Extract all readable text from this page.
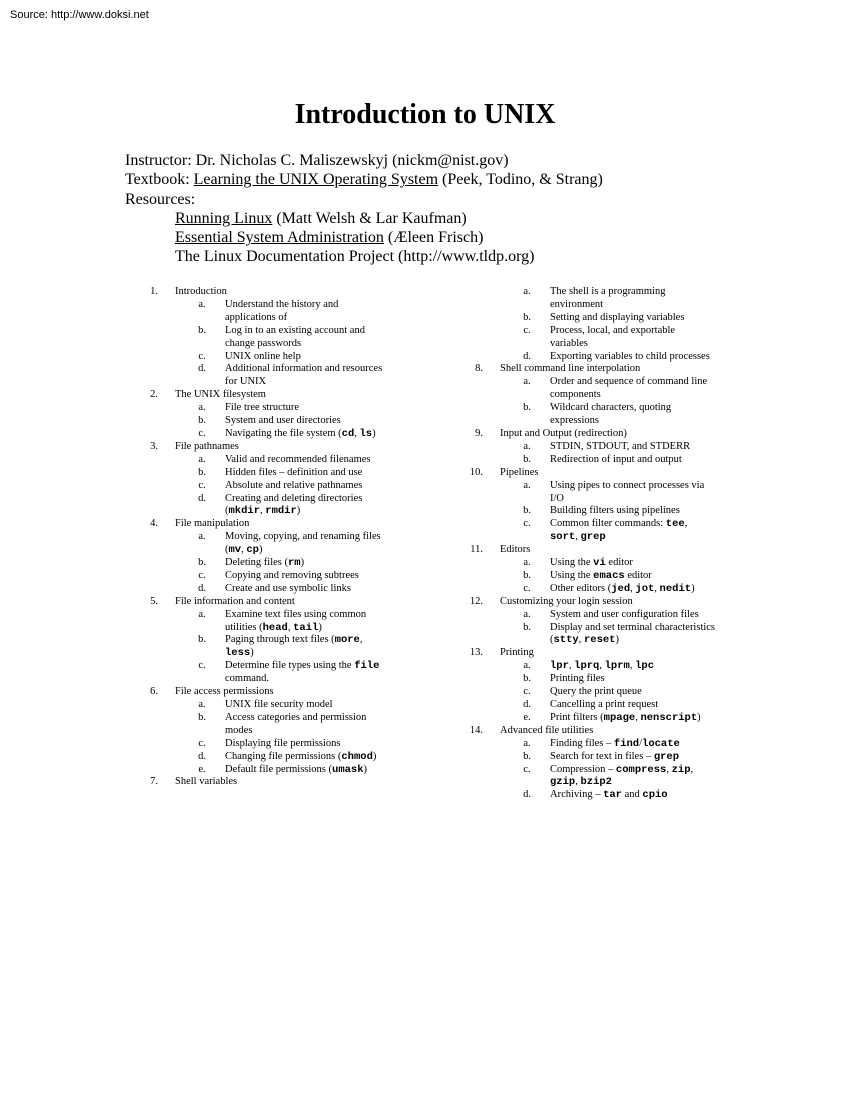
Source: http://www.doksi.net
Introduction to UNIX
Instructor: Dr. Nicholas C. Maliszewskyj (nickm@nist.gov)
Textbook: Learning the UNIX Operating System (Peek, Todino, & Strang)
Resources:
Running Linux (Matt Welsh & Lar Kaufman)
Essential System Administration (Æleen Frisch)
The Linux Documentation Project (http://www.tldp.org)
1. Introduction
a. Understand the history and
applications of
b. Log in to an existing account and
change passwords
c. UNIX online help
d. Additional information and resources
for UNIX
2. The UNIX filesystem
a. File tree structure
b. System and user directories
c. Navigating the file system (cd, ls)
3. File pathnames
a. Valid and recommended filenames
b. Hidden files – definition and use
c. Absolute and relative pathnames
d. Creating and deleting directories
(mkdir, rmdir)
4. File manipulation
a. Moving, copying, and renaming files
(mv, cp)
b. Deleting files (rm)
c. Copying and removing subtrees
d. Create and use symbolic links
5. File information and content
a. Examine text files using common
utilities (head, tail)
b. Paging through text files (more,
less)
c. Determine file types using the file
command.
6. File access permissions
a. UNIX file security model
b. Access categories and permission
modes
c. Displaying file permissions
d. Changing file permissions (chmod)
e. Default file permissions (umask)
7. Shell variables
a. The shell is a programming
environment
b. Setting and displaying variables
c. Process, local, and exportable
variables
d. Exporting variables to child processes
8. Shell command line interpolation
a. Order and sequence of command line
components
b. Wildcard characters, quoting
expressions
9. Input and Output (redirection)
a. STDIN, STDOUT, and STDERR
b. Redirection of input and output
10. Pipelines
a. Using pipes to connect processes via
I/O
b. Building filters using pipelines
c. Common filter commands: tee,
sort, grep
11. Editors
a. Using the vi editor
b. Using the emacs editor
c. Other editors (jed, jot, nedit)
12. Customizing your login session
a. System and user configuration files
b. Display and set terminal characteristics
(stty, reset)
13. Printing
a. lpr, lprq, lprm, lpc
b. Printing files
c. Query the print queue
d. Cancelling a print request
e. Print filters (mpage, nenscript)
14. Advanced file utilities
a. Finding files – find/locate
b. Search for text in files – grep
c. Compression – compress, zip,
gzip, bzip2
d. Archiving – tar and cpio
